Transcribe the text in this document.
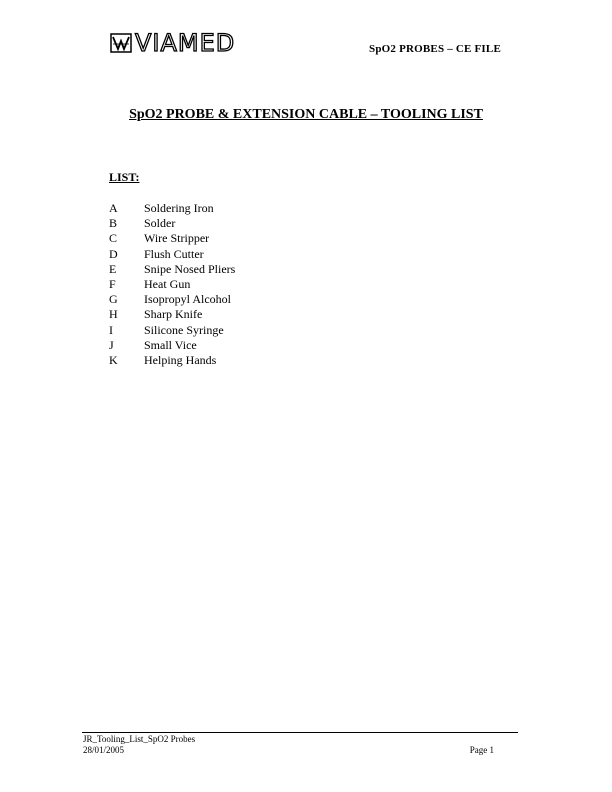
VIAMED	SpO2 PROBES – CE FILE
SpO2 PROBE & EXTENSION CABLE – TOOLING LIST
LIST:
A	Soldering Iron
B	Solder
C	Wire Stripper
D	Flush Cutter
E	Snipe Nosed Pliers
F	Heat Gun
G	Isopropyl Alcohol
H	Sharp Knife
I	Silicone Syringe
J	Small Vice
K	Helping Hands
JR_Tooling_List_SpO2 Probes
28/01/2005	Page 1
